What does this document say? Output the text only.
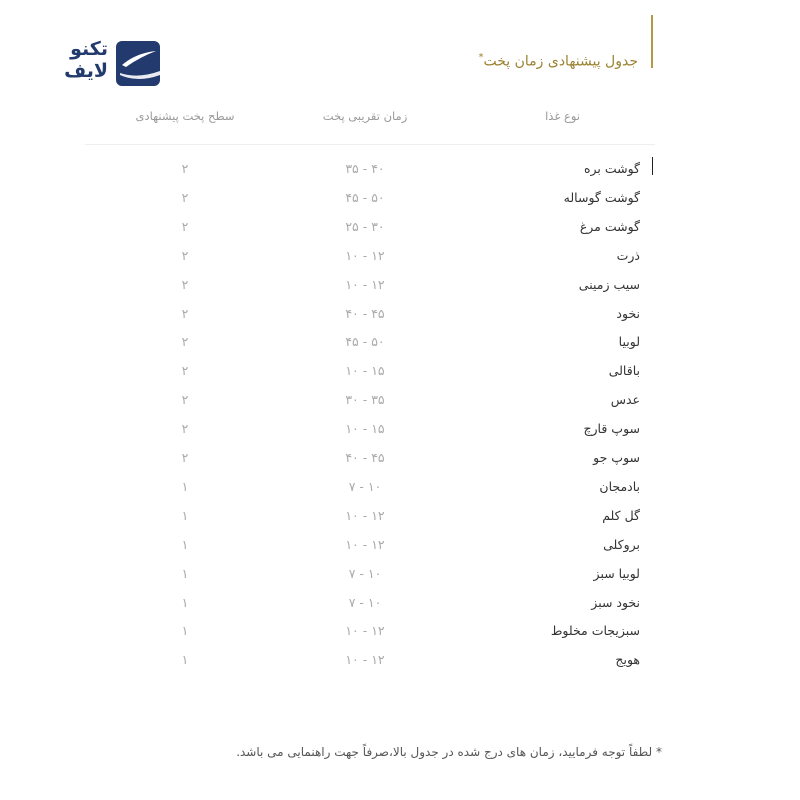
تکنو لایف	جدول پیشنهادی زمان پخت*
نوع غذا
زمان تقریبی پخت
سطح پخت پیشنهادی
گوشت بره
۳۵ - ۴۰
۲
گوشت گوساله
۴۵ - ۵۰
۲
گوشت مرغ
۲۵ - ۳۰
۲
ذرت
۱۰ - ۱۲
۲
سیب زمینی
۱۰ - ۱۲
۲
نخود
۴۰ - ۴۵
۲
لوبیا
۴۵ - ۵۰
۲
باقالی
۱۰ - ۱۵
۲
عدس
۳۰ - ۳۵
۲
سوپ قارچ
۱۰ - ۱۵
۲
سوپ جو
۴۰ - ۴۵
۲
بادمجان
۷ - ۱۰
۱
گل کلم
۱۰ - ۱۲
۱
بروکلی
۱۰ - ۱۲
۱
لوبیا سبز
۷ - ۱۰
۱
نخود سبز
۷ - ۱۰
۱
سبزیجات مخلوط
۱۰ - ۱۲
۱
هویج
۱۰ - ۱۲
۱
* لطفاً توجه فرمایید، زمان های درج شده در جدول بالا،صرفاً جهت راهنمایی می باشد.
